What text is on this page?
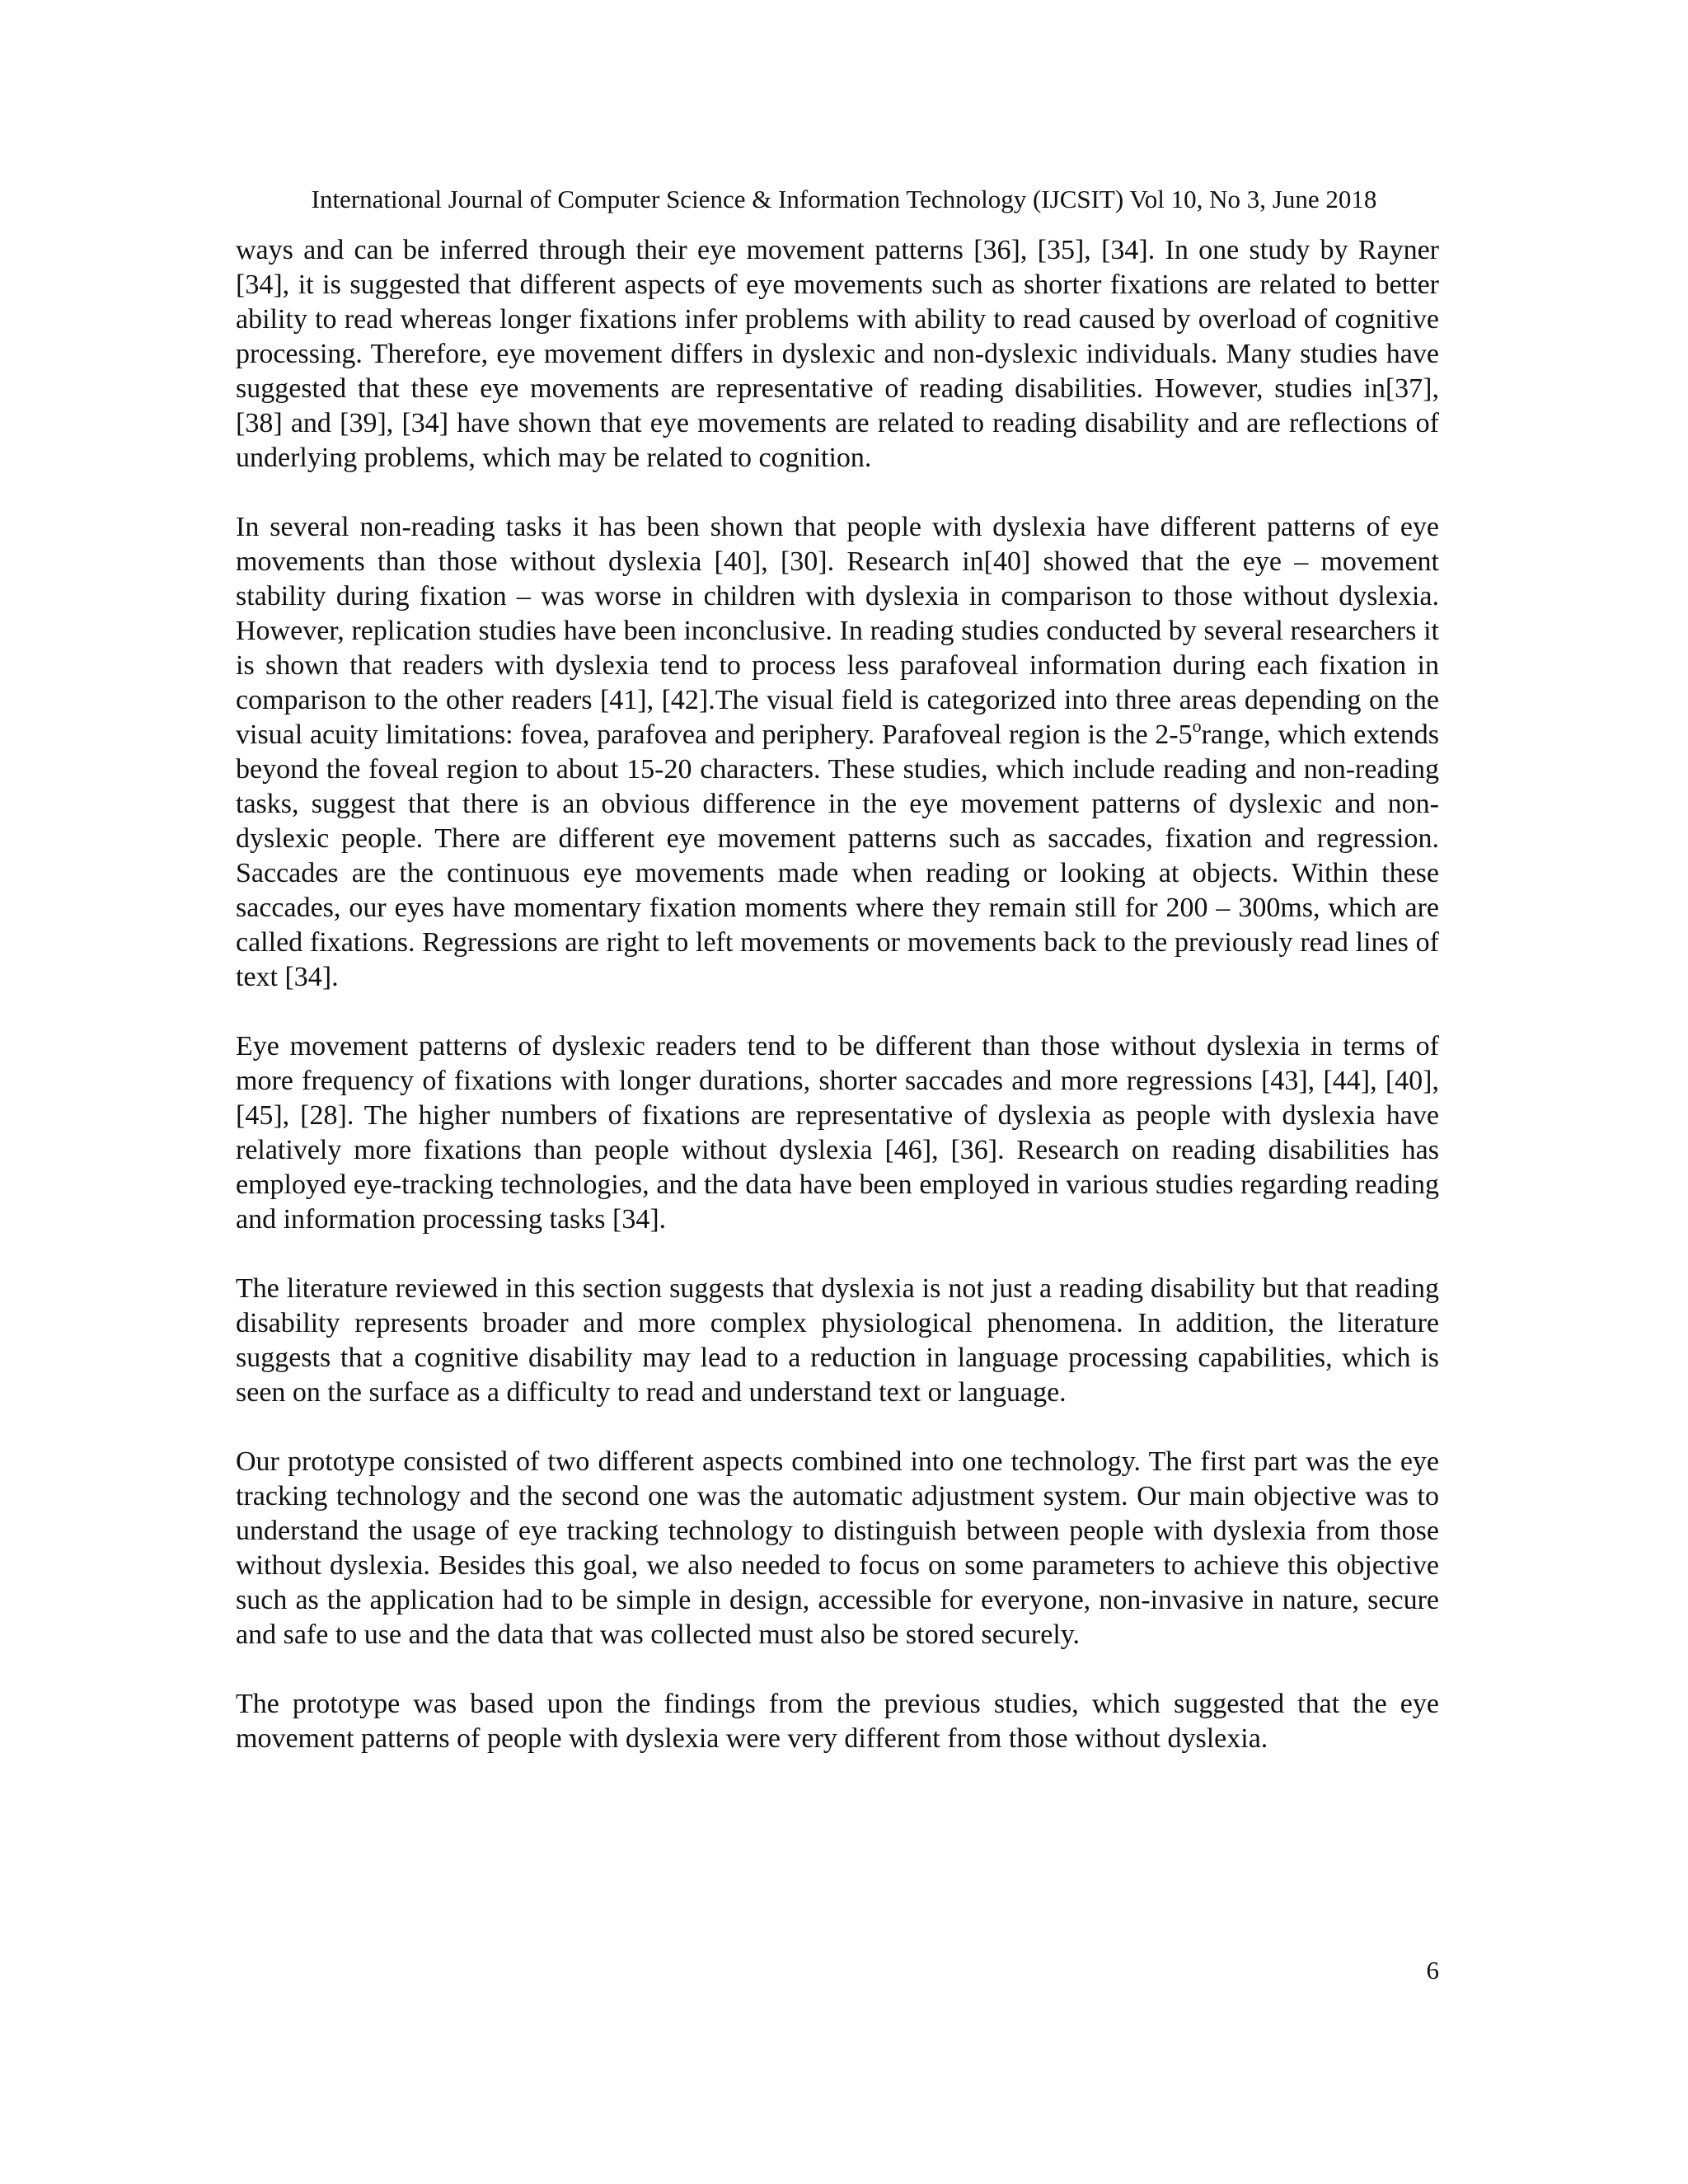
International Journal of Computer Science & Information Technology (IJCSIT) Vol 10, No 3, June 2018

ways and can be inferred through their eye movement patterns [36], [35], [34]. In one study by Rayner [34], it is suggested that different aspects of eye movements such as shorter fixations are related to better ability to read whereas longer fixations infer problems with ability to read caused by overload of cognitive processing. Therefore, eye movement differs in dyslexic and non-dyslexic individuals. Many studies have suggested that these eye movements are representative of reading disabilities. However, studies in[37], [38] and [39], [34] have shown that eye movements are related to reading disability and are reflections of underlying problems, which may be related to cognition.

In several non-reading tasks it has been shown that people with dyslexia have different patterns of eye movements than those without dyslexia [40], [30]. Research in[40] showed that the eye – movement stability during fixation – was worse in children with dyslexia in comparison to those without dyslexia. However, replication studies have been inconclusive. In reading studies conducted by several researchers it is shown that readers with dyslexia tend to process less parafoveal information during each fixation in comparison to the other readers [41], [42].The visual field is categorized into three areas depending on the visual acuity limitations: fovea, parafovea and periphery. Parafoveal region is the 2-5$^o$range, which extends beyond the foveal region to about 15-20 characters. These studies, which include reading and non-reading tasks, suggest that there is an obvious difference in the eye movement patterns of dyslexic and non-dyslexic people. There are different eye movement patterns such as saccades, fixation and regression. Saccades are the continuous eye movements made when reading or looking at objects. Within these saccades, our eyes have momentary fixation moments where they remain still for 200 – 300ms, which are called fixations. Regressions are right to left movements or movements back to the previously read lines of text [34].

Eye movement patterns of dyslexic readers tend to be different than those without dyslexia in terms of more frequency of fixations with longer durations, shorter saccades and more regressions [43], [44], [40], [45], [28]. The higher numbers of fixations are representative of dyslexia as people with dyslexia have relatively more fixations than people without dyslexia [46], [36]. Research on reading disabilities has employed eye-tracking technologies, and the data have been employed in various studies regarding reading and information processing tasks [34].

The literature reviewed in this section suggests that dyslexia is not just a reading disability but that reading disability represents broader and more complex physiological phenomena. In addition, the literature suggests that a cognitive disability may lead to a reduction in language processing capabilities, which is seen on the surface as a difficulty to read and understand text or language.

Our prototype consisted of two different aspects combined into one technology. The first part was the eye tracking technology and the second one was the automatic adjustment system. Our main objective was to understand the usage of eye tracking technology to distinguish between people with dyslexia from those without dyslexia. Besides this goal, we also needed to focus on some parameters to achieve this objective such as the application had to be simple in design, accessible for everyone, non-invasive in nature, secure and safe to use and the data that was collected must also be stored securely.

The prototype was based upon the findings from the previous studies, which suggested that the eye movement patterns of people with dyslexia were very different from those without dyslexia.

6
